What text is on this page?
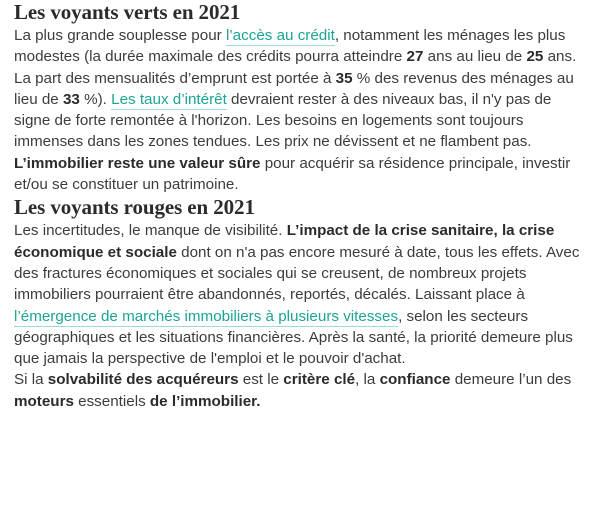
Les voyants verts en 2021

La plus grande souplesse pour l’accès au crédit, notamment les ménages les plus modestes (la durée maximale des crédits pourra atteindre 27 ans au lieu de 25 ans. La part des mensualités d’emprunt est portée à 35 % des revenus des ménages au lieu de 33 %). Les taux d’intérêt devraient rester à des niveaux bas, il n'y pas de signe de forte remontée à l'horizon. Les besoins en logements sont toujours immenses dans les zones tendues. Les prix ne dévissent et ne flambent pas. L’immobilier reste une valeur sûre pour acquérir sa résidence principale, investir et/ou se constituer un patrimoine.

Les voyants rouges en 2021

Les incertitudes, le manque de visibilité. L’impact de la crise sanitaire, la crise économique et sociale dont on n'a pas encore mesuré à date, tous les effets. Avec des fractures économiques et sociales qui se creusent, de nombreux projets immobiliers pourraient être abandonnés, reportés, décalés. Laissant place à l’émergence de marchés immobiliers à plusieurs vitesses, selon les secteurs géographiques et les situations financières. Après la santé, la priorité demeure plus que jamais la perspective de l'emploi et le pouvoir d'achat.

Si la solvabilité des acquéreurs est le critère clé, la confiance demeure l’un des moteurs essentiels de l’immobilier.
